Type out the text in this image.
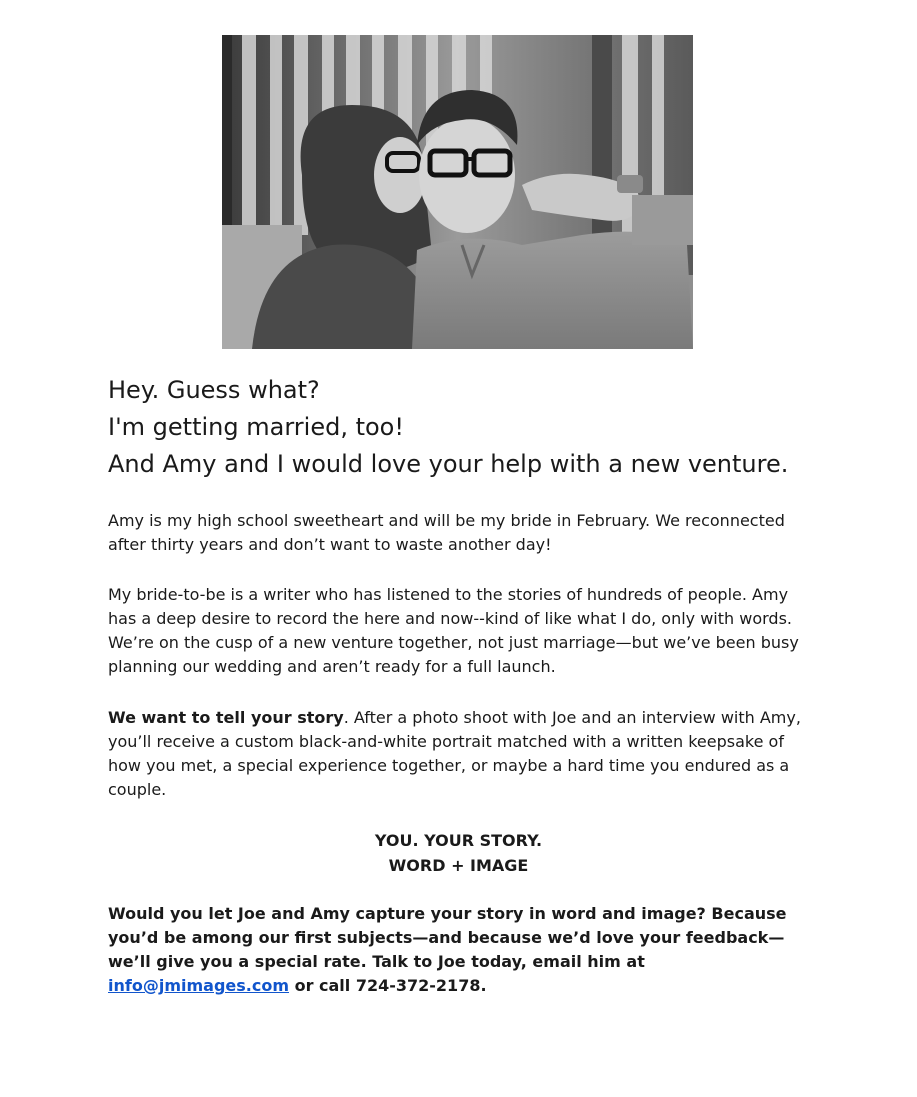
Hey. Guess what?
I'm getting married, too!
And Amy and I would love your help with a new venture.

Amy is my high school sweetheart and will be my bride in February. We reconnected after thirty years and don’t want to waste another day!

My bride-to-be is a writer who has listened to the stories of hundreds of people. Amy has a deep desire to record the here and now--kind of like what I do, only with words. We’re on the cusp of a new venture together, not just marriage—but we’ve been busy planning our wedding and aren’t ready for a full launch.

We want to tell your story. After a photo shoot with Joe and an interview with Amy, you’ll receive a custom black-and-white portrait matched with a written keepsake of how you met, a special experience together, or maybe a hard time you endured as a couple.

YOU. YOUR STORY.
WORD + IMAGE

Would you let Joe and Amy capture your story in word and image? Because you’d be among our first subjects—and because we’d love your feedback—we’ll give you a special rate. Talk to Joe today, email him at info@jmimages.com or call 724-372-2178.
